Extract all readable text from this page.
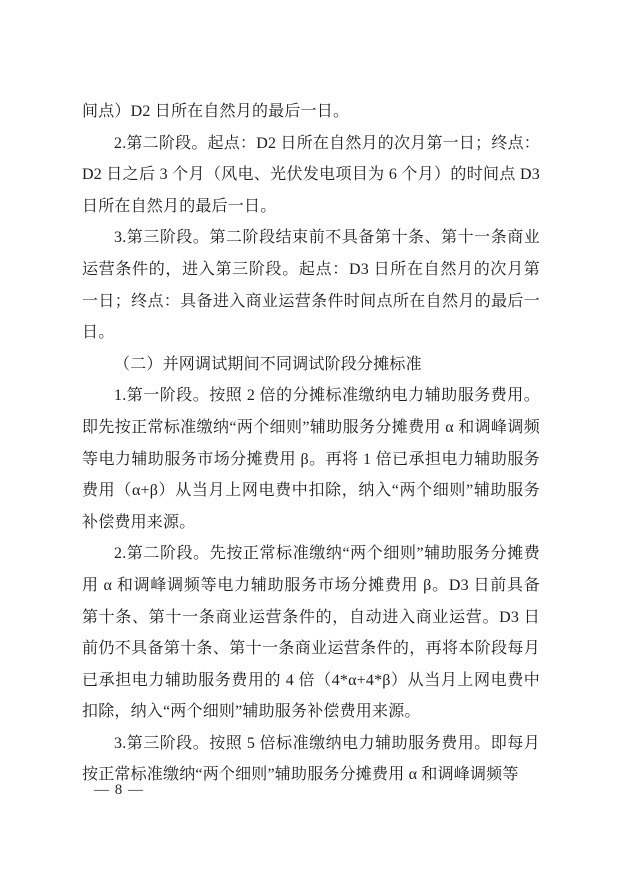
间点）D2 日所在自然月的最后一日。

2.第二阶段。起点：D2 日所在自然月的次月第一日；终点：D2 日之后 3 个月（风电、光伏发电项目为 6 个月）的时间点 D3 日所在自然月的最后一日。

3.第三阶段。第二阶段结束前不具备第十条、第十一条商业运营条件的，进入第三阶段。起点：D3 日所在自然月的次月第一日；终点：具备进入商业运营条件时间点所在自然月的最后一日。

（二）并网调试期间不同调试阶段分摊标准

1.第一阶段。按照 2 倍的分摊标准缴纳电力辅助服务费用。即先按正常标准缴纳“两个细则”辅助服务分摊费用 α 和调峰调频等电力辅助服务市场分摊费用 β。再将 1 倍已承担电力辅助服务费用（α+β）从当月上网电费中扣除，纳入“两个细则”辅助服务补偿费用来源。

2.第二阶段。先按正常标准缴纳“两个细则”辅助服务分摊费用 α 和调峰调频等电力辅助服务市场分摊费用 β。D3 日前具备第十条、第十一条商业运营条件的，自动进入商业运营。D3 日前仍不具备第十条、第十一条商业运营条件的，再将本阶段每月已承担电力辅助服务费用的 4 倍（4*α+4*β）从当月上网电费中扣除，纳入“两个细则”辅助服务补偿费用来源。

3.第三阶段。按照 5 倍标准缴纳电力辅助服务费用。即每月按正常标准缴纳“两个细则”辅助服务分摊费用 α 和调峰调频等

— 8 —
